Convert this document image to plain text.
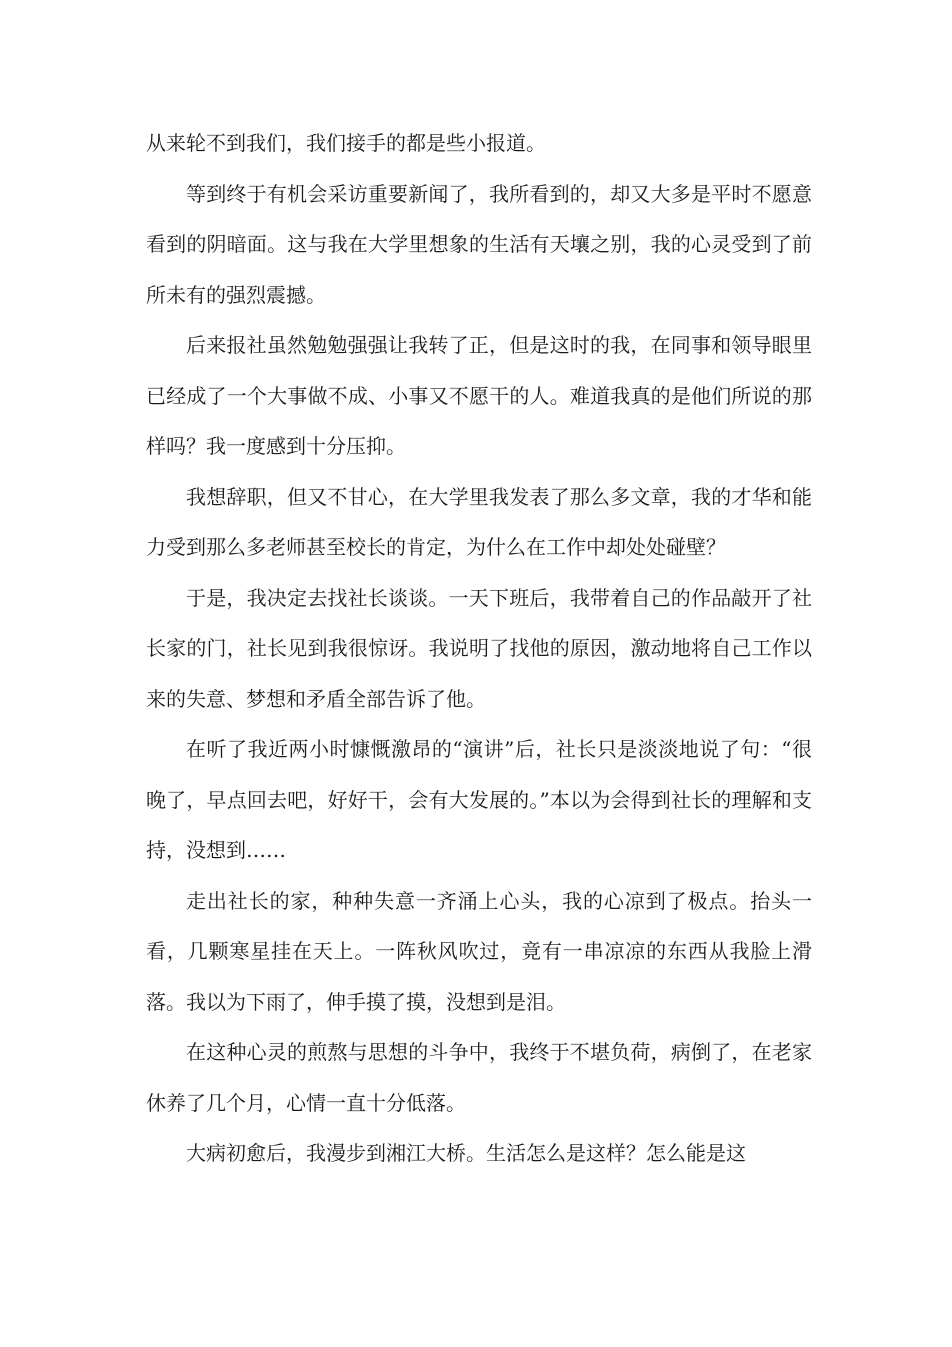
从来轮不到我们，我们接手的都是些小报道。

等到终于有机会采访重要新闻了，我所看到的，却又大多是平时不愿意看到的阴暗面。这与我在大学里想象的生活有天壤之别，我的心灵受到了前所未有的强烈震撼。

后来报社虽然勉勉强强让我转了正，但是这时的我，在同事和领导眼里已经成了一个大事做不成、小事又不愿干的人。难道我真的是他们所说的那样吗？我一度感到十分压抑。

我想辞职，但又不甘心，在大学里我发表了那么多文章，我的才华和能力受到那么多老师甚至校长的肯定，为什么在工作中却处处碰壁？

于是，我决定去找社长谈谈。一天下班后，我带着自己的作品敲开了社长家的门，社长见到我很惊讶。我说明了找他的原因，激动地将自己工作以来的失意、梦想和矛盾全部告诉了他。

在听了我近两小时慷慨激昂的“演讲”后，社长只是淡淡地说了句：“很晚了，早点回去吧，好好干，会有大发展的。”本以为会得到社长的理解和支持，没想到……

走出社长的家，种种失意一齐涌上心头，我的心凉到了极点。抬头一看，几颗寒星挂在天上。一阵秋风吹过，竟有一串凉凉的东西从我脸上滑落。我以为下雨了，伸手摸了摸，没想到是泪。

在这种心灵的煎熬与思想的斗争中，我终于不堪负荷，病倒了，在老家休养了几个月，心情一直十分低落。

大病初愈后，我漫步到湘江大桥。生活怎么是这样？怎么能是这
